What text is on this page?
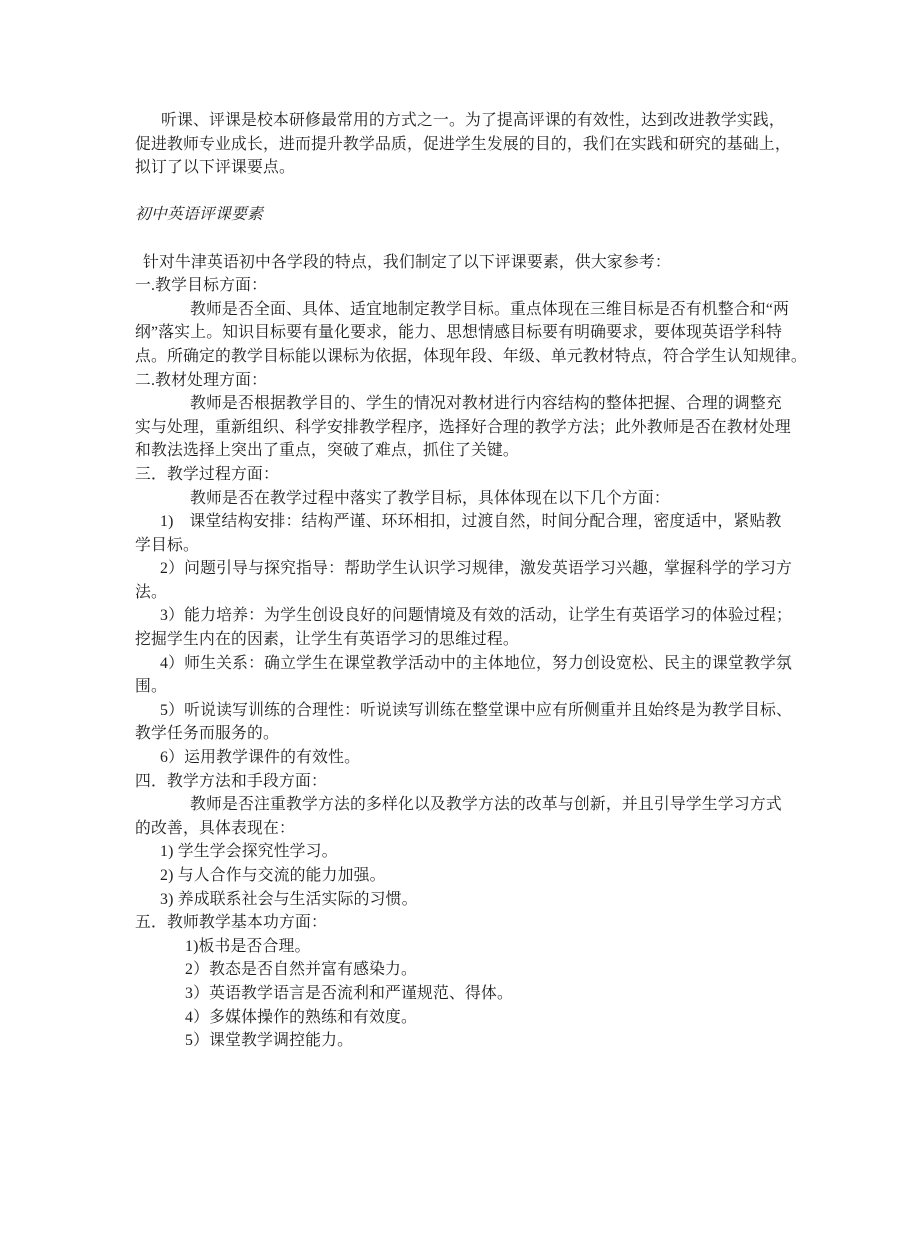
听课、评课是校本研修最常用的方式之一。为了提高评课的有效性，达到改进教学实践，
促进教师专业成长，进而提升教学品质，促进学生发展的目的，我们在实践和研究的基础上，
拟订了以下评课要点。
初中英语评课要素
针对牛津英语初中各学段的特点，我们制定了以下评课要素，供大家参考：
一.教学目标方面：
教师是否全面、具体、适宜地制定教学目标。重点体现在三维目标是否有机整合和“两
纲”落实上。知识目标要有量化要求，能力、思想情感目标要有明确要求，要体现英语学科特
点。所确定的教学目标能以课标为依据，体现年段、年级、单元教材特点，符合学生认知规律。
二.教材处理方面：
教师是否根据教学目的、学生的情况对教材进行内容结构的整体把握、合理的调整充
实与处理，重新组织、科学安排教学程序，选择好合理的教学方法；此外教师是否在教材处理
和教法选择上突出了重点，突破了难点，抓住了关键。
三．教学过程方面：
教师是否在教学过程中落实了教学目标，具体体现在以下几个方面：
1)　课堂结构安排：结构严谨、环环相扣，过渡自然，时间分配合理，密度适中，紧贴教
学目标。
2）问题引导与探究指导：帮助学生认识学习规律，激发英语学习兴趣，掌握科学的学习方
法。
3）能力培养：为学生创设良好的问题情境及有效的活动，让学生有英语学习的体验过程；
挖掘学生内在的因素，让学生有英语学习的思维过程。
4）师生关系：确立学生在课堂教学活动中的主体地位，努力创设宽松、民主的课堂教学氛
围。
5）听说读写训练的合理性：听说读写训练在整堂课中应有所侧重并且始终是为教学目标、
教学任务而服务的。
6）运用教学课件的有效性。
四．教学方法和手段方面：
教师是否注重教学方法的多样化以及教学方法的改革与创新，并且引导学生学习方式
的改善，具体表现在：
1) 学生学会探究性学习。
2) 与人合作与交流的能力加强。
3) 养成联系社会与生活实际的习惯。
五．教师教学基本功方面：
1)板书是否合理。
2）教态是否自然并富有感染力。
3）英语教学语言是否流利和严谨规范、得体。
4）多媒体操作的熟练和有效度。
5）课堂教学调控能力。
